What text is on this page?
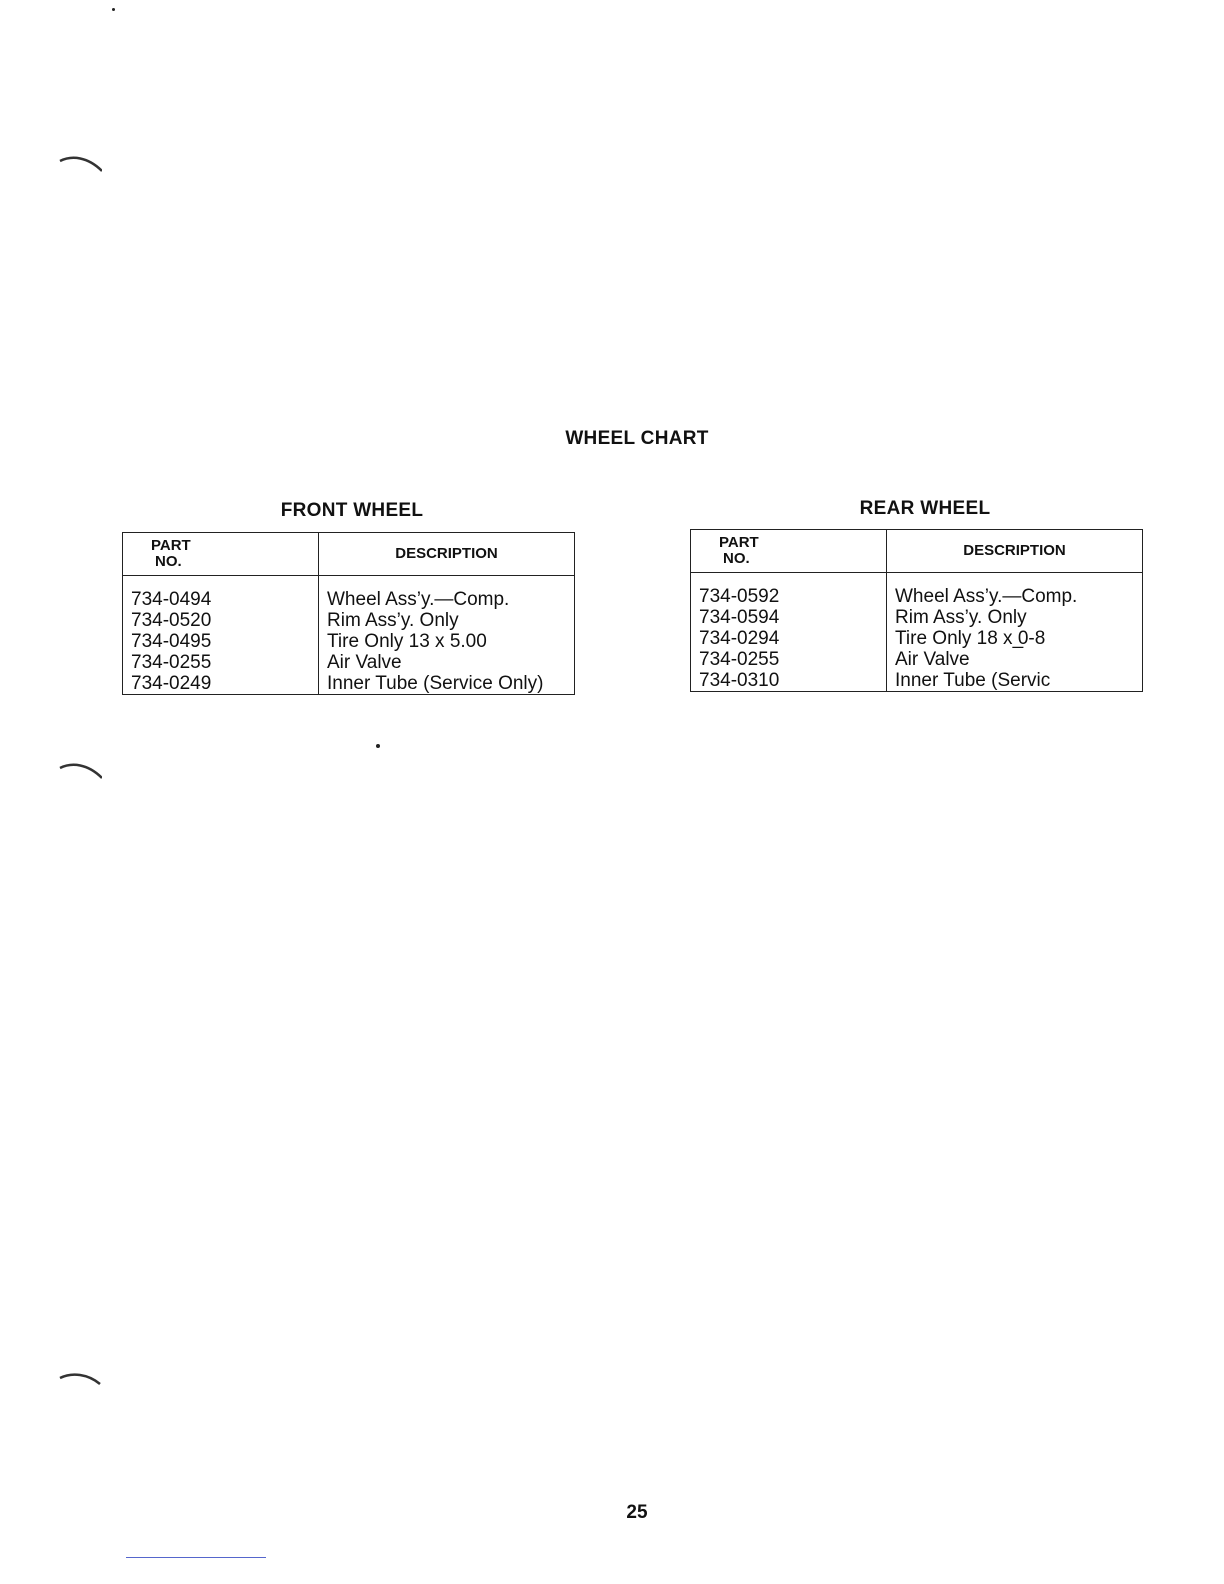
WHEEL CHART
FRONT WHEEL
PART
NO.	DESCRIPTION
734-0494	Wheel Ass’y.—Comp.
734-0520	Rim Ass’y. Only
734-0495	Tire Only 13 x 5.00
734-0255	Air Valve
734-0249	Inner Tube (Service Only)
REAR WHEEL
PART
NO.	DESCRIPTION
734-0592	Wheel Ass’y.—Comp.
734-0594	Rim Ass’y. Only
734-0294	Tire Only 18 x ̲0-8
734-0255	Air Valve
734-0310	Inner Tube (Servic
25
